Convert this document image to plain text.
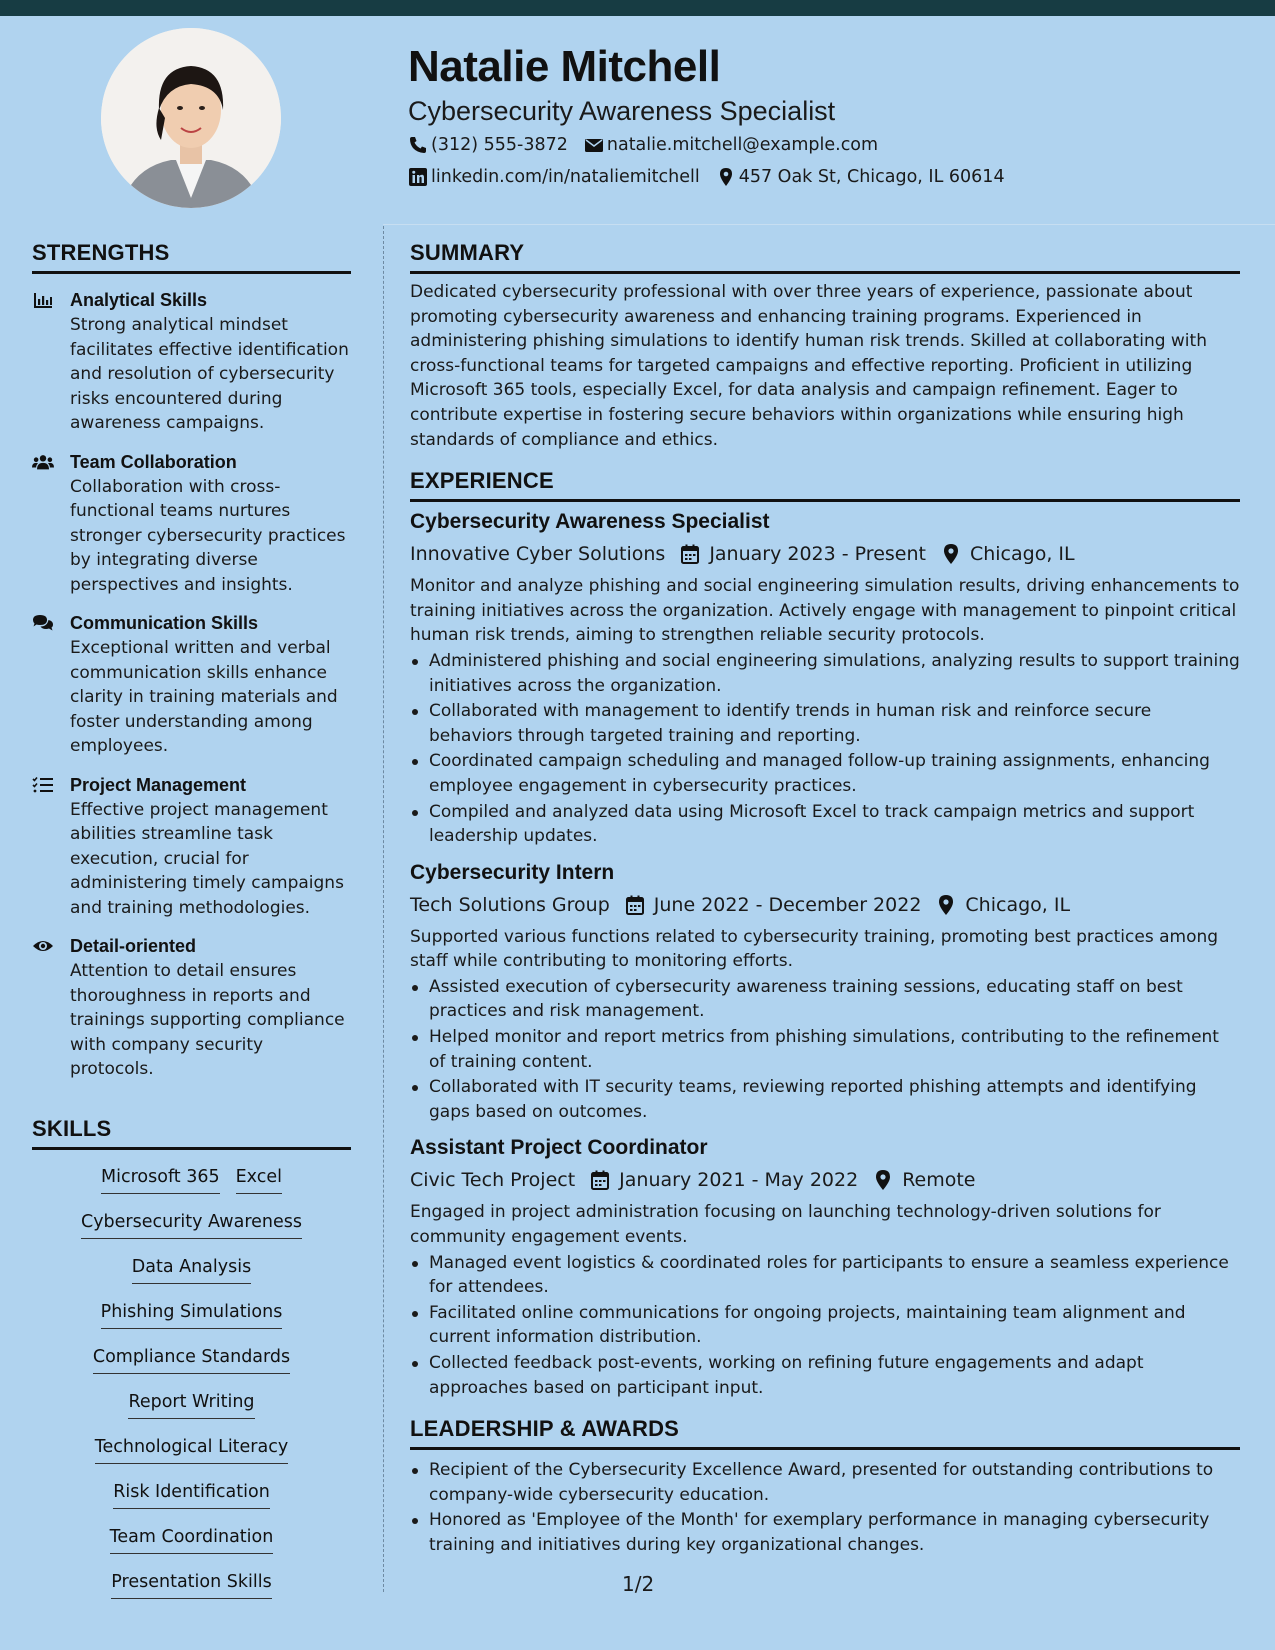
Natalie Mitchell
Cybersecurity Awareness Specialist
(312) 555-3872 natalie.mitchell@example.com
linkedin.com/in/nataliemitchell 457 Oak St, Chicago, IL 60614
STRENGTHS
Analytical Skills
Strong analytical mindset facilitates effective identification and resolution of cybersecurity risks encountered during awareness campaigns.
Team Collaboration
Collaboration with cross-functional teams nurtures stronger cybersecurity practices by integrating diverse perspectives and insights.
Communication Skills
Exceptional written and verbal communication skills enhance clarity in training materials and foster understanding among employees.
Project Management
Effective project management abilities streamline task execution, crucial for administering timely campaigns and training methodologies.
Detail-oriented
Attention to detail ensures thoroughness in reports and trainings supporting compliance with company security protocols.
SKILLS
Microsoft 365 Excel
Cybersecurity Awareness
Data Analysis
Phishing Simulations
Compliance Standards
Report Writing
Technological Literacy
Risk Identification
Team Coordination
Presentation Skills
SUMMARY
Dedicated cybersecurity professional with over three years of experience, passionate about promoting cybersecurity awareness and enhancing training programs. Experienced in administering phishing simulations to identify human risk trends. Skilled at collaborating with cross-functional teams for targeted campaigns and effective reporting. Proficient in utilizing Microsoft 365 tools, especially Excel, for data analysis and campaign refinement. Eager to contribute expertise in fostering secure behaviors within organizations while ensuring high standards of compliance and ethics.
EXPERIENCE
Cybersecurity Awareness Specialist
Innovative Cyber Solutions January 2023 - Present Chicago, IL
Monitor and analyze phishing and social engineering simulation results, driving enhancements to training initiatives across the organization. Actively engage with management to pinpoint critical human risk trends, aiming to strengthen reliable security protocols.
Administered phishing and social engineering simulations, analyzing results to support training initiatives across the organization.
Collaborated with management to identify trends in human risk and reinforce secure behaviors through targeted training and reporting.
Coordinated campaign scheduling and managed follow-up training assignments, enhancing employee engagement in cybersecurity practices.
Compiled and analyzed data using Microsoft Excel to track campaign metrics and support leadership updates.
Cybersecurity Intern
Tech Solutions Group June 2022 - December 2022 Chicago, IL
Supported various functions related to cybersecurity training, promoting best practices among staff while contributing to monitoring efforts.
Assisted execution of cybersecurity awareness training sessions, educating staff on best practices and risk management.
Helped monitor and report metrics from phishing simulations, contributing to the refinement of training content.
Collaborated with IT security teams, reviewing reported phishing attempts and identifying gaps based on outcomes.
Assistant Project Coordinator
Civic Tech Project January 2021 - May 2022 Remote
Engaged in project administration focusing on launching technology-driven solutions for community engagement events.
Managed event logistics & coordinated roles for participants to ensure a seamless experience for attendees.
Facilitated online communications for ongoing projects, maintaining team alignment and current information distribution.
Collected feedback post-events, working on refining future engagements and adapt approaches based on participant input.
LEADERSHIP & AWARDS
Recipient of the Cybersecurity Excellence Award, presented for outstanding contributions to company-wide cybersecurity education.
Honored as 'Employee of the Month' for exemplary performance in managing cybersecurity training and initiatives during key organizational changes.
1/2
